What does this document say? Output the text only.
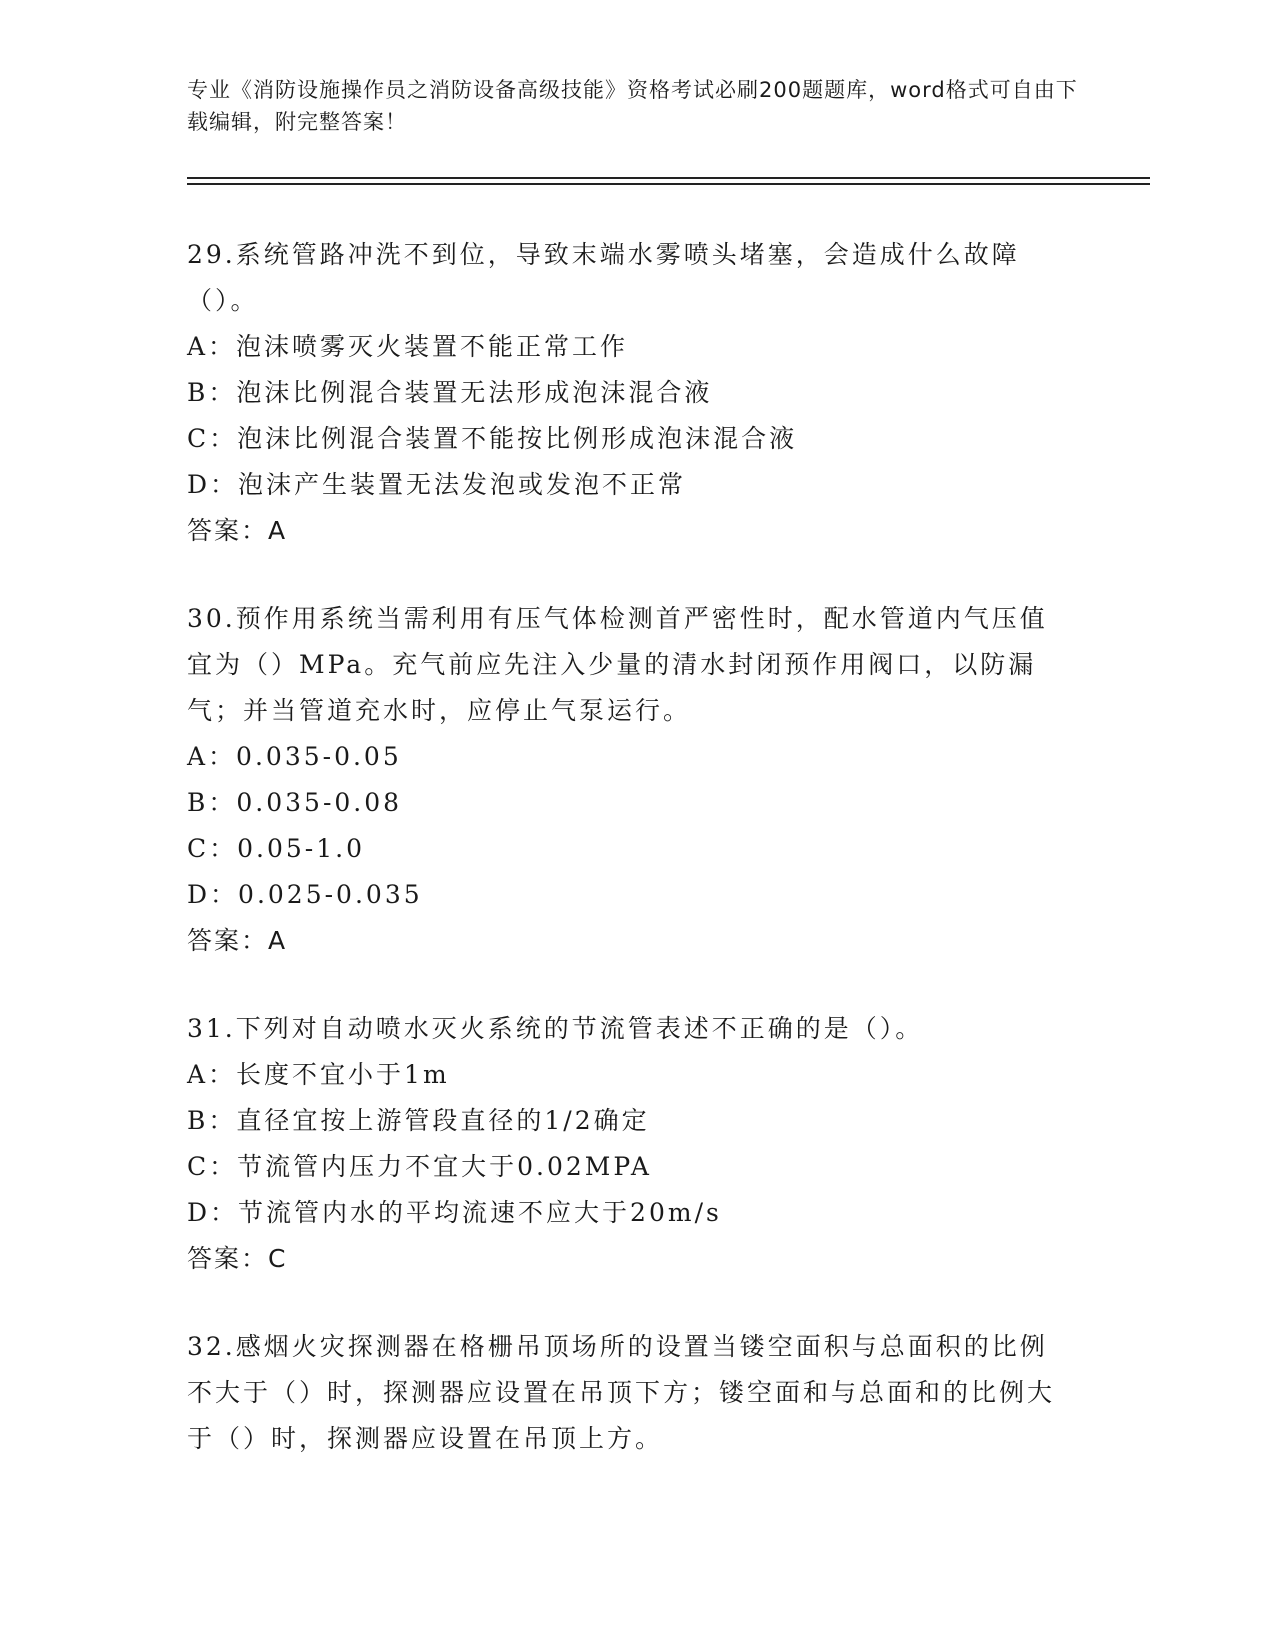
专业《消防设施操作员之消防设备高级技能》资格考试必刷200题题库，word格式可自由下载编辑，附完整答案！

29.系统管路冲洗不到位，导致末端水雾喷头堵塞，会造成什么故障（）。

A：泡沫喷雾灭火装置不能正常工作

B：泡沫比例混合装置无法形成泡沫混合液

C：泡沫比例混合装置不能按比例形成泡沫混合液

D：泡沫产生装置无法发泡或发泡不正常

答案：A

30.预作用系统当需利用有压气体检测首严密性时，配水管道内气压值宜为（）MPa。充气前应先注入少量的清水封闭预作用阀口，以防漏气；并当管道充水时，应停止气泵运行。

A：0.035-0.05

B：0.035-0.08

C：0.05-1.0

D：0.025-0.035

答案：A

31.下列对自动喷水灭火系统的节流管表述不正确的是（）。

A：长度不宜小于1m

B：直径宜按上游管段直径的1/2确定

C：节流管内压力不宜大于0.02MPA

D：节流管内水的平均流速不应大于20m/s

答案：C

32.感烟火灾探测器在格栅吊顶场所的设置当镂空面积与总面积的比例不大于（）时，探测器应设置在吊顶下方；镂空面和与总面和的比例大于（）时，探测器应设置在吊顶上方。
